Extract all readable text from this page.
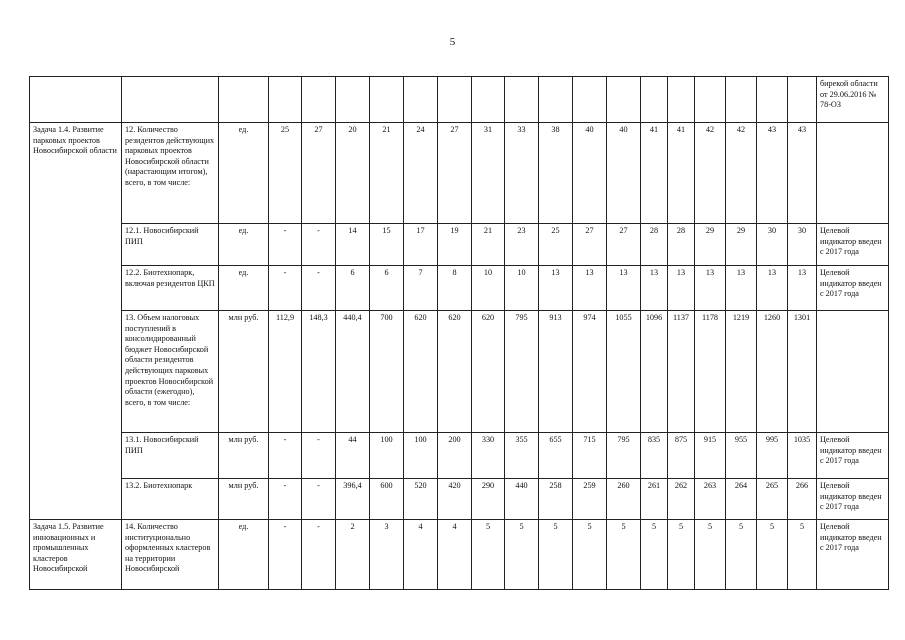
5
																				бирекой области от 29.06.2016 № 78-ОЗ
Задача 1.4. Развитие парковых проектов Новосибирской области	12. Количество резидентов действующих парковых проектов Новосибирской области (нарастающим итогом), всего, в том числе:	ед.	25	27	20	21	24	27	31	33	38	40	40	41	41	42	42	43	43	
	12.1. Новосибирский ПИП	ед.	-	-	14	15	17	19	21	23	25	27	27	28	28	29	29	30	30	Целевой индикатор введен с 2017 года
	12.2. Биотехнопарк, включая резидентов ЦКП	ед.	-	-	6	6	7	8	10	10	13	13	13	13	13	13	13	13	13	Целевой индикатор введен с 2017 года
	13. Объем налоговых поступлений в консолидированный бюджет Новосибирской области резидентов действующих парковых проектов Новосибирской области (ежегодно), всего, в том числе:	млн руб.	112,9	148,3	440,4	700	620	620	620	795	913	974	1055	1096	1137	1178	1219	1260	1301	
	13.1. Новосибирский ПИП	млн руб.	-	-	44	100	100	200	330	355	655	715	795	835	875	915	955	995	1035	Целевой индикатор введен с 2017 года
	13.2. Биотехнопарк	млн руб.	-	-	396,4	600	520	420	290	440	258	259	260	261	262	263	264	265	266	Целевой индикатор введен с 2017 года
Задача 1.5. Развитие инновационных и промышленных кластеров Новосибирской	14. Количество институционально оформленных кластеров на территории Новосибирской	ед.	-	-	2	3	4	4	5	5	5	5	5	5	5	5	5	5	5	Целевой индикатор введен с 2017 года
